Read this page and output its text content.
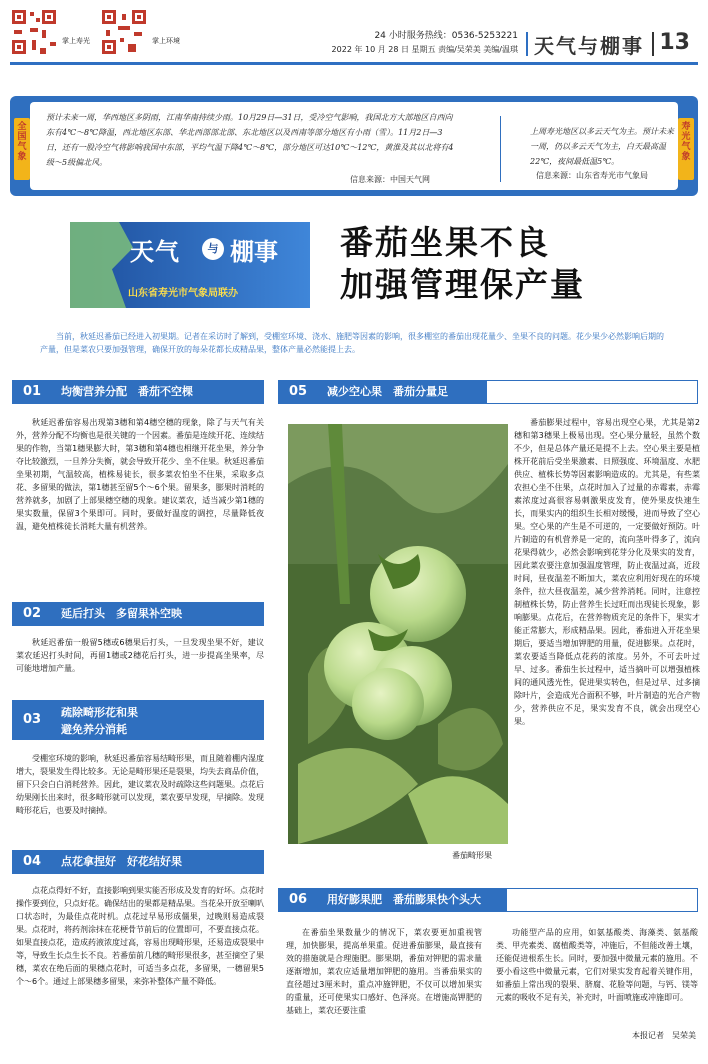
掌上寿光	掌上环境	24 小时服务热线：0536-5253221
2022 年 10 月 28 日 星期五 责编/吴荣美 美编/温琪 天气与棚事 13
全国气象
寿光气象

预计未来一周，华西地区多阴雨，江南华南持续少雨。10月29日—31日，受冷空气影响，我国北方大部地区自西向东有4℃～8℃降温，西北地区东部、华北西部部北部、东北地区以及西南等部分地区有小雨（雪）。11月2日—3日，还有一股冷空气将影响我国中东部，平均气温下降4℃～8℃，部分地区可达10℃～12℃，黄淮及其以北将有4级～5级偏北风。

信息来源：中国天气网

上周寿光地区以多云天气为主。预计未来一周，仍以多云天气为主，白天最高温22℃，夜间最低温5℃。

信息来源：山东省寿光市气象局
天气	与 棚事
山东省寿光市气象局联办
番茄坐果不良
加强管理保产量

当前，秋延迟番茄已经进入初果期。记者在采访时了解到，受棚室环境、浇水、施肥等因素的影响，很多棚室的番茄出现花量少、坐果不良的问题。花少果少必然影响后期的产量，但是菜农只要加强管理，确保开放的每朵花都长成精品果，整体产量必然能提上去。

01	均衡营养分配　番茄不空棵

秋延迟番茄容易出现第3穗和第4穗空穗的现象，除了与天气有关外，营养分配不均衡也是很关键的一个因素。番茄是连续开花、连续结果的作物，当第1穗果膨大时，第3穗和第4穗也相继开花坐果，养分争夺比较激烈，一旦养分失衡，就会导致开花少、坐不住果。秋延迟番茄坐果初期，气温较高，植株易徒长，很多菜农怕坐不住果，采取多点花、多留果的做法，第1穗甚至留5个～6个果。留果多，膨果时消耗的营养就多，加剧了上部果穗空穗的现象。建议菜农，适当减少第1穗的果实数量，保留3个果即可。同时，要做好温度的调控，尽量降低夜温，避免植株徒长消耗大量有机营养。

02	延后打头　多留果补空映

秋延迟番茄一般留5穗或6穗果后打头，一旦发现坐果不好，建议菜农延迟打头时间，再留1穗或2穗花后打头，进一步提高坐果率，尽可能地增加产量。

03	疏除畸形花和果
避免养分消耗

受棚室环境的影响，秋延迟番茄容易结畸形果，而且随着棚内湿度增大，裂果发生得比较多。无论是畸形果还是裂果，均失去商品价值，留下只会白白消耗营养。因此，建议菜农及时疏除这些问题果。点花后幼果刚长出来时，很多畸形就可以发现，菜农要早发现，早摘除。发现畸形花后，也要及时摘掉。

04	点花拿捏好　好花结好果

点花点得好不好，直接影响到果实能否形成及发育的好坏。点花时操作要到位，只点好花。确保结出的果都是精品果。当花朵开放至喇叭口状态时，为最佳点花时机。点花过早易形成僵果，过晚则易造成裂果。点花时，将药剂涂抹在花梗骨节前后的位置即可，不要直接点花。如果直接点花，造成药液浓度过高，容易出现畸形果，还易造成裂果中等，导致生长点生长不良。若番茄前几穗的畸形果很多，甚至摘空了果穗，菜农在绝后面的果穗点花时，可适当多点花，多留果，一穗留果5个～6个。通过上部果穗多留果，来弥补整体产量不降低。

05	减少空心果　番茄分量足
番茄畸形果

番茄膨果过程中，容易出现空心果，尤其是第2穗和第3穗果上极易出现。空心果分量轻，虽然个数不少，但是总体产量还是提不上去。空心果主要是植株开花前后受坐果激素、日照强度、环境温度、水肥供应、植株长势等因素影响造成的。尤其是，有些菜农担心坐不住果，点花时加入了过量的赤霉素，赤霉素浓度过高很容易刺激果皮发育，使外果皮快速生长，而果实内的组织生长相对缓慢，进而导致了空心果。空心果的产生是不可逆的，一定要做好预防。叶片制造的有机营养是一定的，流向茎叶得多了，流向花果得就少，必然会影响到花芽分化及果实的发育，因此菜农要注意加强温度管理，防止夜温过高，近段时间，昼夜温差不断加大，菜农应利用好现在的环境条件，拉大昼夜温差，减少营养消耗。同时，注意控制植株长势，防止营养生长过旺而出现徒长现象，影响膨果。点花后，在营养物质充足的条件下，果实才能正常膨大，形成精品果。因此，番茄进入开花坐果期后，要适当增加钾肥的用量，促进膨果。点花时，菜农要适当降低点花药的浓度。另外，不可去叶过早、过多。番茄生长过程中，适当摘叶可以增强植株间的通风透光性，促进果实转色，但是过早、过多摘除叶片，会造成光合面积不够，叶片制造的光合产物少，营养供应不足，果实发育不良，就会出现空心果。

06	用好膨果肥　番茄膨果快个头大

在番茄坐果数量少的情况下，菜农要更加重视管理，加快膨果，提高单果重。促进番茄膨果，最直接有效的措施就是合理施肥。膨果期，番茄对钾肥的需求量逐渐增加，菜农应适量增加钾肥的施用。当番茄果实的直径超过3厘米时，重点冲施钾肥，不仅可以增加果实的重量，还可使果实口感好、色泽亮。在增施高钾肥的基础上，菜农还要注重

功能型产品的应用，如氨基酸类、海藻类、氨基酸类、甲壳素类、腐植酸类等，冲施后，不但能改善土壤，还能促进根系生长。同时，要加强中微量元素的施用。不要小看这些中微量元素，它们对果实发育起着关键作用，如番茄上常出现的裂果、脐腐、花脸等问题，与钙、镁等元素的吸收不足有关，补充时，叶面喷施或冲施即可。

本报记者　吴荣美
